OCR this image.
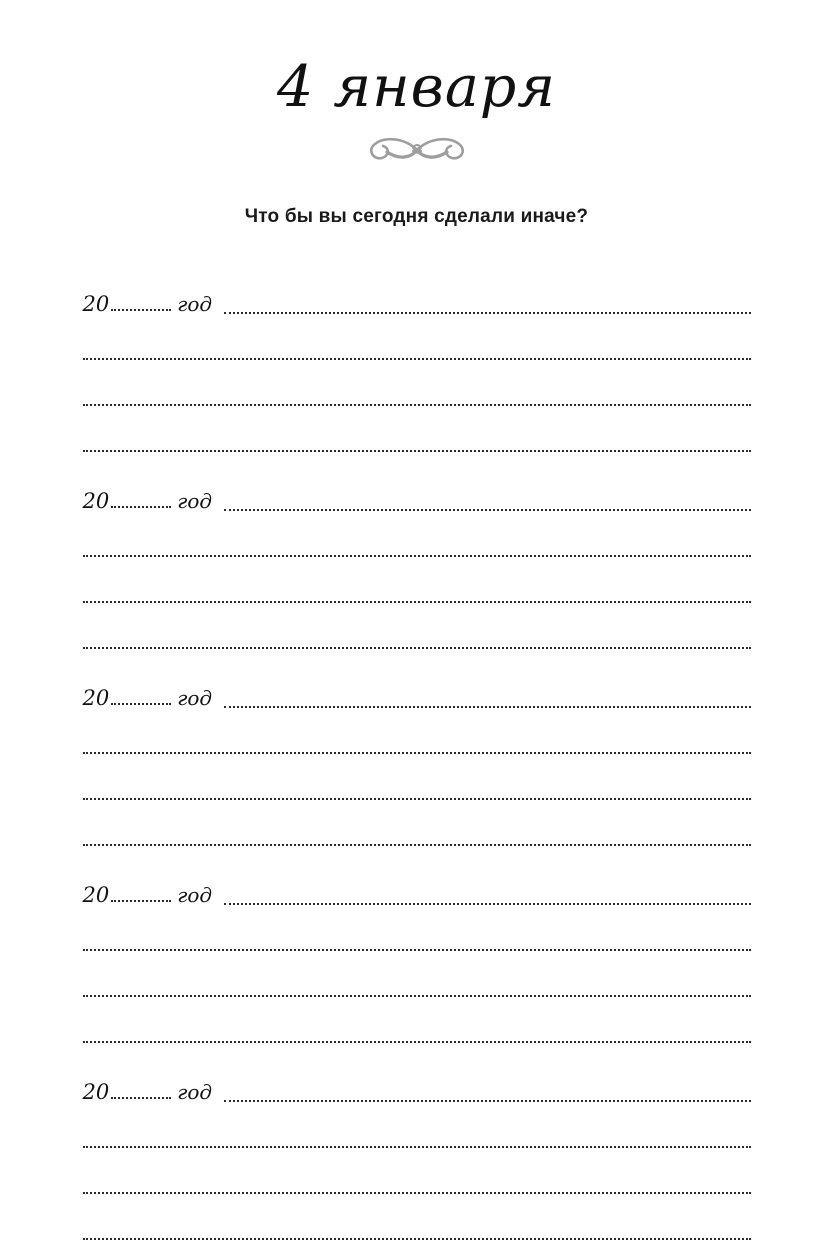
4 января
Что бы вы сегодня сделали иначе?
20	год
20	год
20	год
20	год
20	год
